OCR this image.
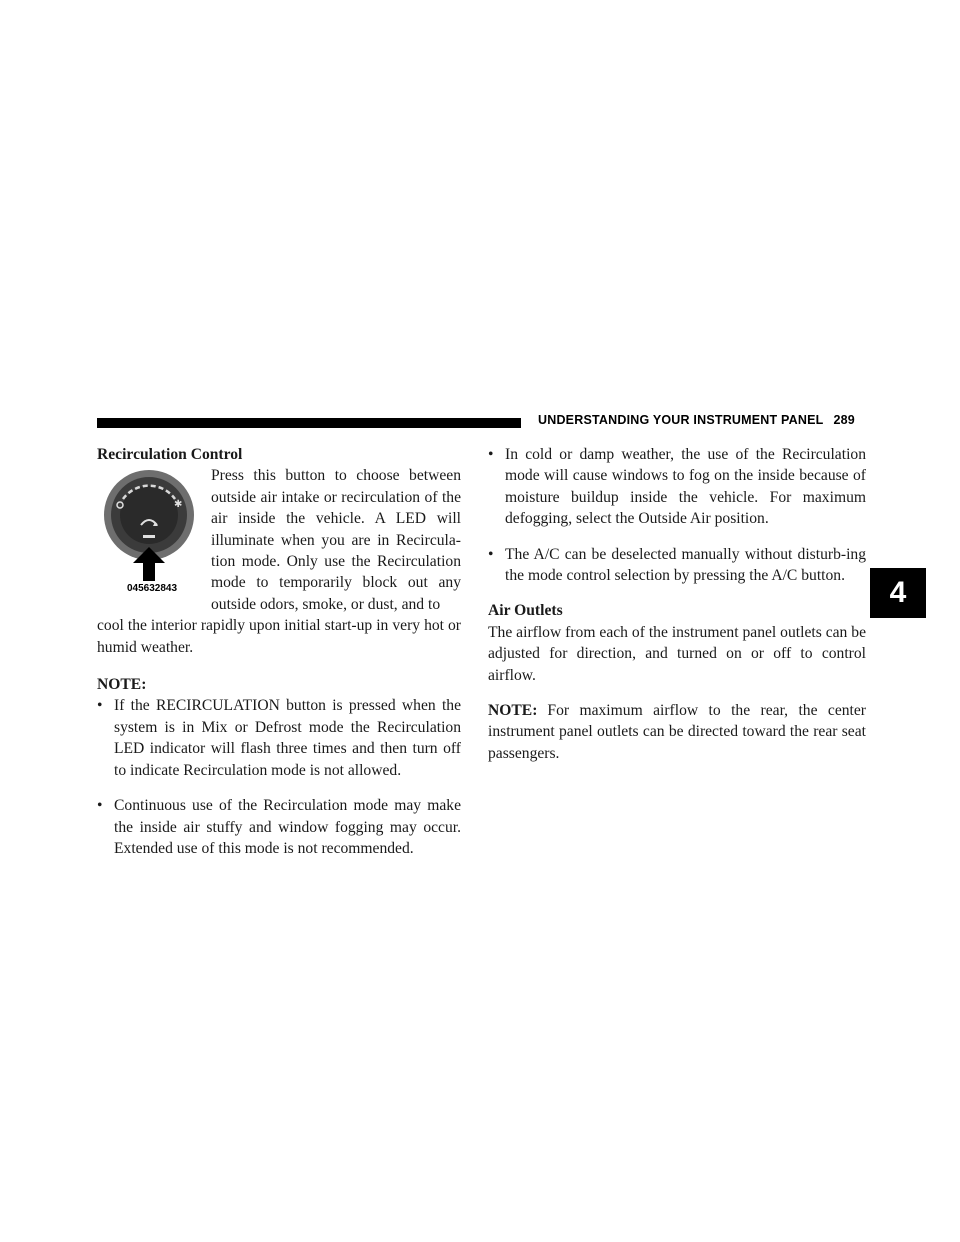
UNDERSTANDING YOUR INSTRUMENT PANEL 289
4
Recirculation Control
✱
045632843
Press this button to choose between outside air intake or recirculation of the air inside the vehicle. A LED will illuminate when you are in Recircula-tion mode. Only use the Recirculation mode to temporarily block out any outside odors, smoke, or dust, and to

cool the interior rapidly upon initial start-up in very hot or humid weather.

NOTE:
• If the RECIRCULATION button is pressed when the system is in Mix or Defrost mode the Recirculation LED indicator will flash three times and then turn off to indicate Recirculation mode is not allowed.
• Continuous use of the Recirculation mode may make the inside air stuffy and window fogging may occur. Extended use of this mode is not recommended.
• In cold or damp weather, the use of the Recirculation mode will cause windows to fog on the inside because of moisture buildup inside the vehicle. For maximum defogging, select the Outside Air position.
• The A/C can be deselected manually without disturb-ing the mode control selection by pressing the A/C button.
Air Outlets

The airflow from each of the instrument panel outlets can be adjusted for direction, and turned on or off to control airflow.

NOTE: For maximum airflow to the rear, the center instrument panel outlets can be directed toward the rear seat passengers.
